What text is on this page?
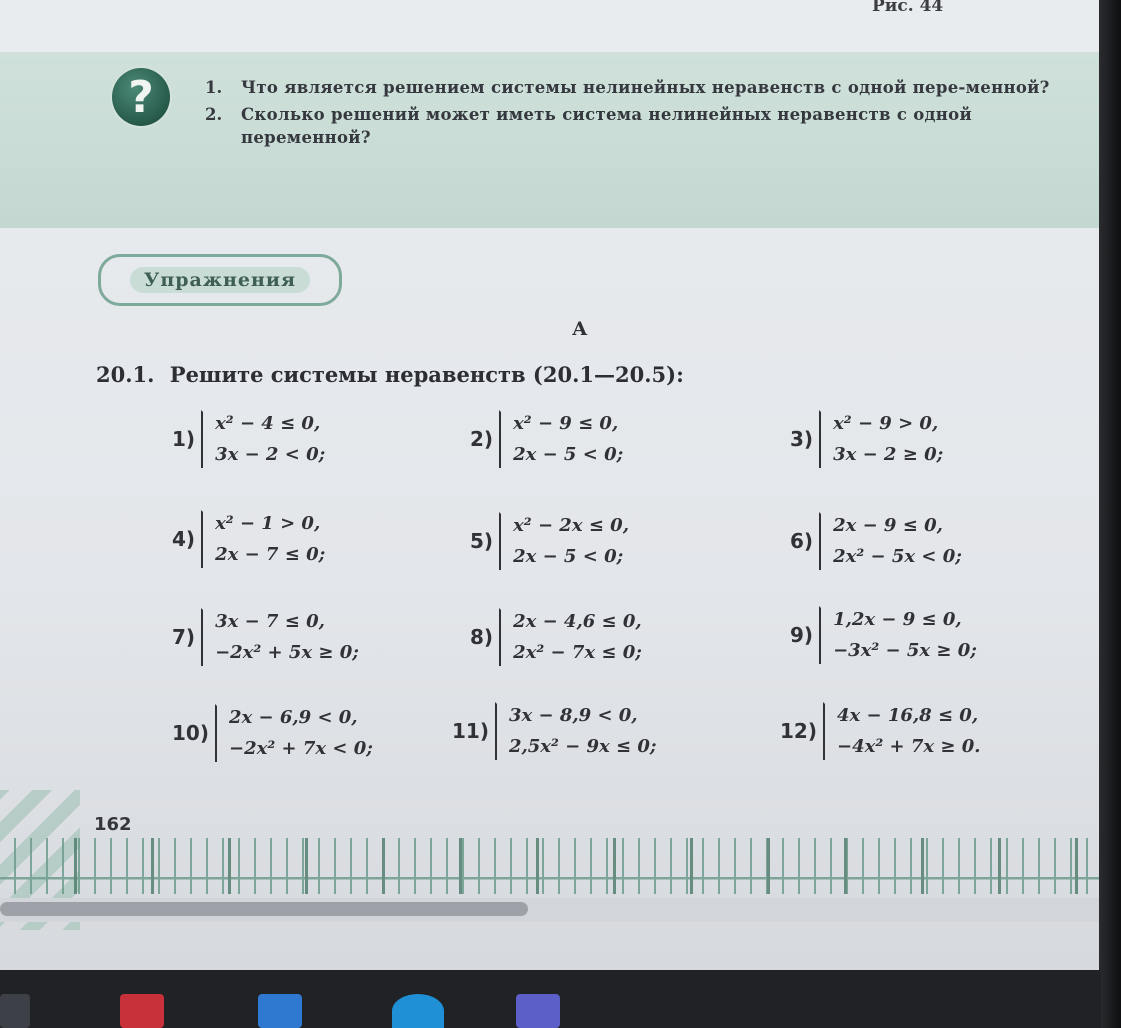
Рис. 44
?	1.	Что является решением системы нелинейных неравенств с одной пере-менной?
2.	Сколько решений может иметь система нелинейных неравенств с одной переменной?
Упражнения
А
20.1. Решите системы неравенств (20.1—20.5):
1)
x² − 4 ≤ 0,
3x − 2 < 0;
2)
x² − 9 ≤ 0,
2x − 5 < 0;
3)
x² − 9 > 0,
3x − 2 ≥ 0;
4)
x² − 1 > 0,
2x − 7 ≤ 0;
5)
x² − 2x ≤ 0,
2x − 5 < 0;
6)
2x − 9 ≤ 0,
2x² − 5x < 0;
7)
3x − 7 ≤ 0,
−2x² + 5x ≥ 0;
8)
2x − 4,6 ≤ 0,
2x² − 7x ≤ 0;
9)
1,2x − 9 ≤ 0,
−3x² − 5x ≥ 0;
10)
2x − 6,9 < 0,
−2x² + 7x < 0;
11)
3x − 8,9 < 0,
2,5x² − 9x ≤ 0;
12)
4x − 16,8 ≤ 0,
−4x² + 7x ≥ 0.
162
